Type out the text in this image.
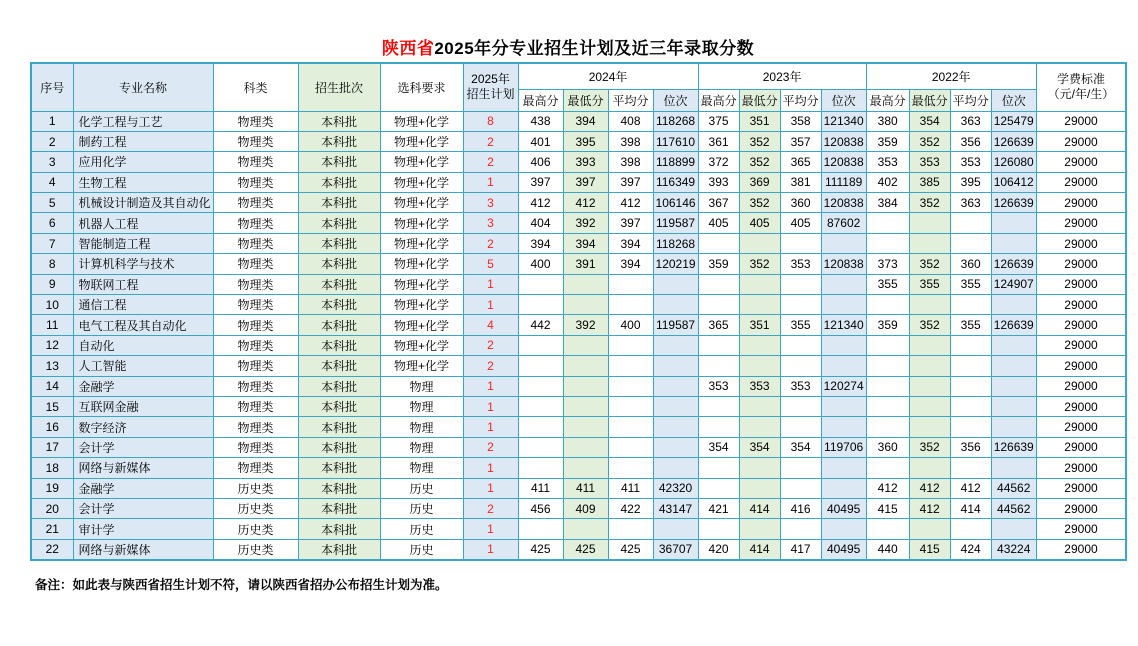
陕西省2025年分专业招生计划及近三年录取分数
序号	专业名称	科类	招生批次	选科要求	2025年
招生计划	2024年				2023年				2022年				学费标准
（元/年/生）

						最高分	最低分	平均分	位次	最高分	最低分	平均分	位次	最高分	最低分	平均分	位次	
1	化学工程与工艺	物理类	本科批	物理+化学	8	438	394	408	118268	375	351	358	121340	380	354	363	125479	29000
2	制药工程	物理类	本科批	物理+化学	2	401	395	398	117610	361	352	357	120838	359	352	356	126639	29000
3	应用化学	物理类	本科批	物理+化学	2	406	393	398	118899	372	352	365	120838	353	353	353	126080	29000
4	生物工程	物理类	本科批	物理+化学	1	397	397	397	116349	393	369	381	111189	402	385	395	106412	29000
5	机械设计制造及其自动化	物理类	本科批	物理+化学	3	412	412	412	106146	367	352	360	120838	384	352	363	126639	29000
6	机器人工程	物理类	本科批	物理+化学	3	404	392	397	119587	405	405	405	87602					29000
7	智能制造工程	物理类	本科批	物理+化学	2	394	394	394	118268									29000
8	计算机科学与技术	物理类	本科批	物理+化学	5	400	391	394	120219	359	352	353	120838	373	352	360	126639	29000
9	物联网工程	物理类	本科批	物理+化学	1									355	355	355	124907	29000
10	通信工程	物理类	本科批	物理+化学	1													29000
11	电气工程及其自动化	物理类	本科批	物理+化学	4	442	392	400	119587	365	351	355	121340	359	352	355	126639	29000
12	自动化	物理类	本科批	物理+化学	2													29000
13	人工智能	物理类	本科批	物理+化学	2													29000
14	金融学	物理类	本科批	物理	1					353	353	353	120274					29000
15	互联网金融	物理类	本科批	物理	1													29000
16	数字经济	物理类	本科批	物理	1													29000
17	会计学	物理类	本科批	物理	2					354	354	354	119706	360	352	356	126639	29000
18	网络与新媒体	物理类	本科批	物理	1													29000
19	金融学	历史类	本科批	历史	1	411	411	411	42320					412	412	412	44562	29000
20	会计学	历史类	本科批	历史	2	456	409	422	43147	421	414	416	40495	415	412	414	44562	29000
21	审计学	历史类	本科批	历史	1													29000
22	网络与新媒体	历史类	本科批	历史	1	425	425	425	36707	420	414	417	40495	440	415	424	43224	29000
备注：如此表与陕西省招生计划不符，请以陕西省招办公布招生计划为准。
